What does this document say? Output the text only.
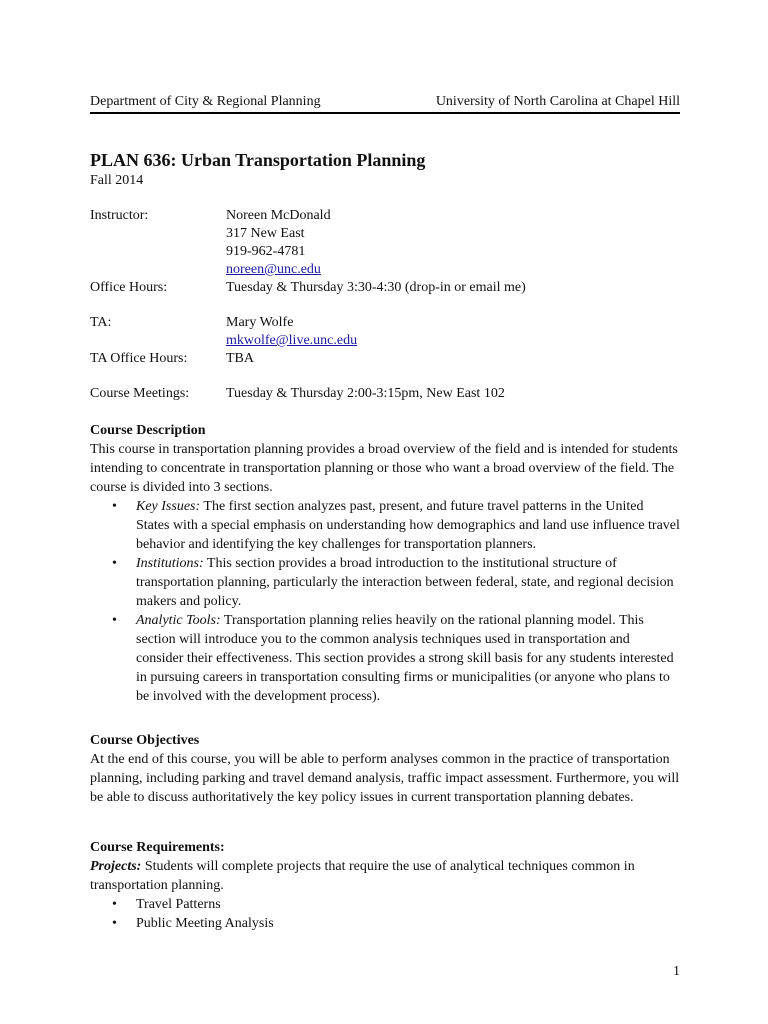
Department of City & Regional Planning	University of North Carolina at Chapel Hill
PLAN 636: Urban Transportation Planning
Fall 2014
Instructor:	Noreen McDonald
317 New East
919-962-4781
noreen@unc.edu
Office Hours:	Tuesday & Thursday 3:30-4:30 (drop-in or email me)
TA:	Mary Wolfe
mkwolfe@live.unc.edu
TA Office Hours:	TBA
Course Meetings:	Tuesday & Thursday 2:00-3:15pm, New East 102
Course Description

This course in transportation planning provides a broad overview of the field and is intended for students intending to concentrate in transportation planning or those who want a broad overview of the field. The course is divided into 3 sections.

• Key Issues: The first section analyzes past, present, and future travel patterns in the United States with a special emphasis on understanding how demographics and land use influence travel behavior and identifying the key challenges for transportation planners.
• Institutions: This section provides a broad introduction to the institutional structure of transportation planning, particularly the interaction between federal, state, and regional decision makers and policy.
• Analytic Tools: Transportation planning relies heavily on the rational planning model. This section will introduce you to the common analysis techniques used in transportation and consider their effectiveness. This section provides a strong skill basis for any students interested in pursuing careers in transportation consulting firms or municipalities (or anyone who plans to be involved with the development process).
Course Objectives

At the end of this course, you will be able to perform analyses common in the practice of transportation planning, including parking and travel demand analysis, traffic impact assessment. Furthermore, you will be able to discuss authoritatively the key policy issues in current transportation planning debates.

Course Requirements:

Projects: Students will complete projects that require the use of analytical techniques common in transportation planning.

• Travel Patterns
• Public Meeting Analysis
1
